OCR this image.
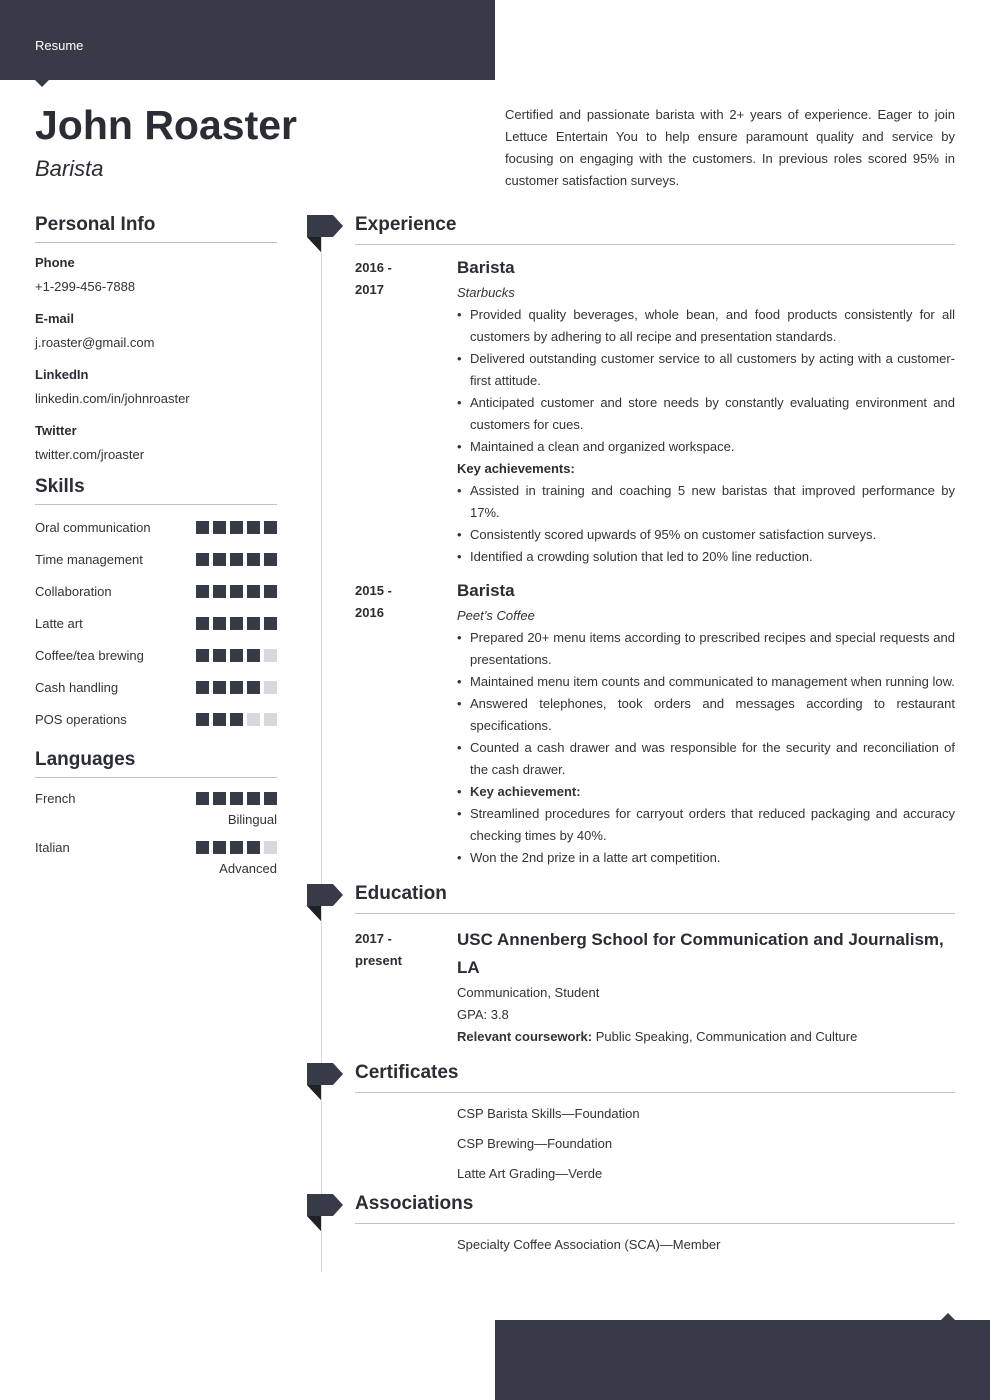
Resume
John Roaster
Barista
Certified and passionate barista with 2+ years of experience. Eager to join Lettuce Entertain You to help ensure paramount quality and service by focusing on engaging with the customers. In previous roles scored 95% in customer satisfaction surveys.
Personal Info
Phone
+1-299-456-7888
E-mail
j.roaster@gmail.com
LinkedIn
linkedin.com/in/johnroaster
Twitter
twitter.com/jroaster
Skills
Oral communication
Time management
Collaboration
Latte art
Coffee/tea brewing
Cash handling
POS operations
Languages
French
Bilingual
Italian
Advanced
Experience
2016 -
2017
Barista
Starbucks
• Provided quality beverages, whole bean, and food products consistently for all customers by adhering to all recipe and presentation standards.
• Delivered outstanding customer service to all customers by acting with a customer-first attitude.
• Anticipated customer and store needs by constantly evaluating environment and customers for cues.
• Maintained a clean and organized workspace.
Key achievements:
• Assisted in training and coaching 5 new baristas that improved performance by 17%.
• Consistently scored upwards of 95% on customer satisfaction surveys.
• Identified a crowding solution that led to 20% line reduction.
2015 -
2016
Barista
Peet’s Coffee
• Prepared 20+ menu items according to prescribed recipes and special requests and presentations.
• Maintained menu item counts and communicated to management when running low.
• Answered telephones, took orders and messages according to restaurant specifications.
• Counted a cash drawer and was responsible for the security and reconciliation of the cash drawer.
• Key achievement:
• Streamlined procedures for carryout orders that reduced packaging and accuracy checking times by 40%.
• Won the 2nd prize in a latte art competition.
Education
2017 -
present
USC Annenberg School for Communication and Journalism, LA
Communication, Student
GPA: 3.8
Relevant coursework: Public Speaking, Communication and Culture
Certificates
CSP Barista Skills—Foundation
CSP Brewing—Foundation
Latte Art Grading—Verde
Associations
Specialty Coffee Association (SCA)—Member
